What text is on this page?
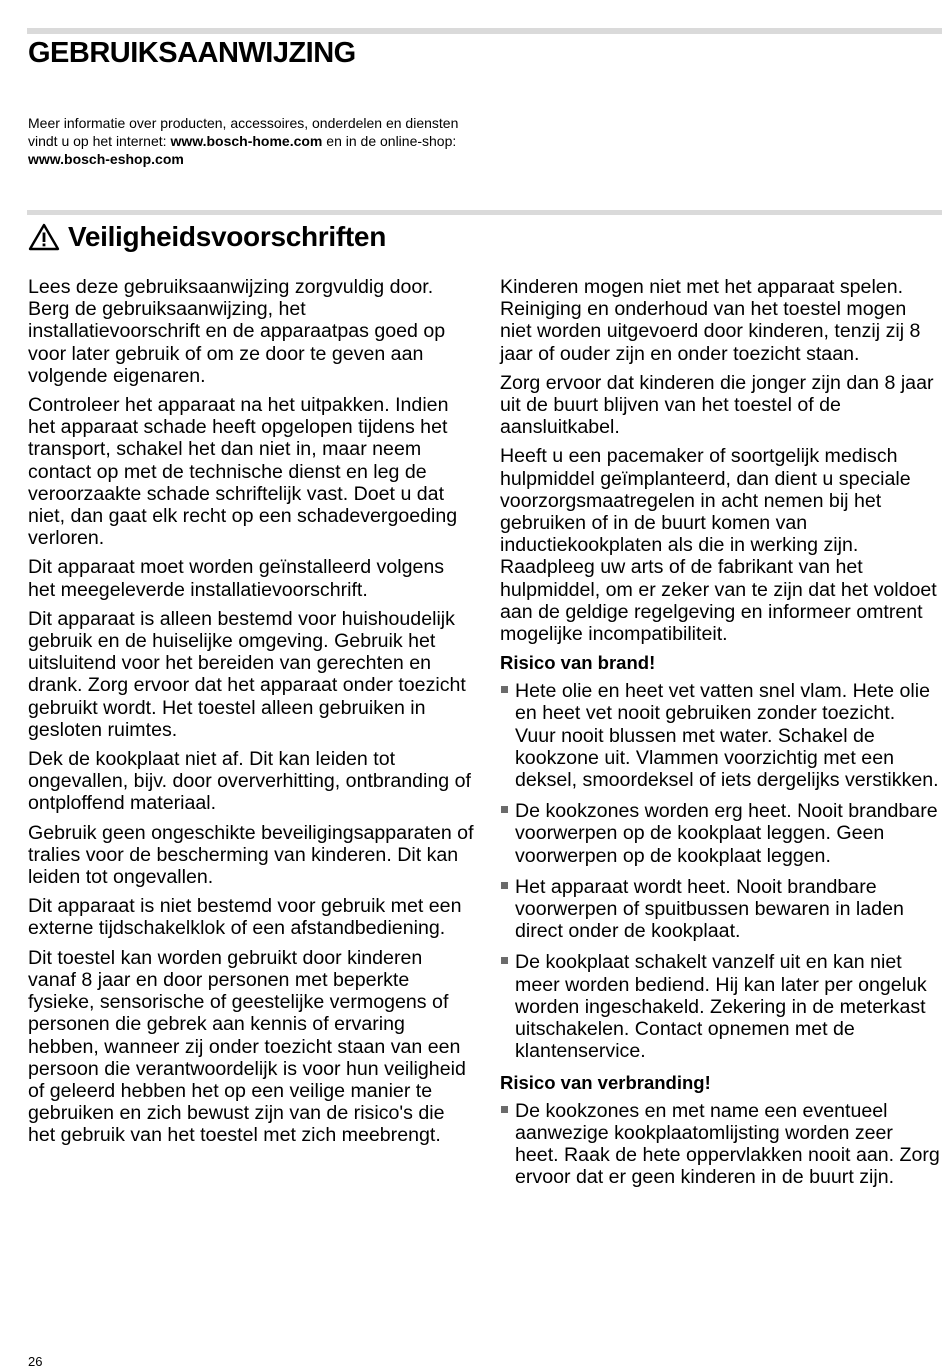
GEBRUIKSAANWIJZING
Meer informatie over producten, accessoires, onderdelen en diensten vindt u op het internet: www.bosch-home.com en in de online-shop: www.bosch-eshop.com
Veiligheidsvoorschriften

Lees deze gebruiksaanwijzing zorgvuldig door. Berg de gebruiksaanwijzing, het installatievoorschrift en de apparaatpas goed op voor later gebruik of om ze door te geven aan volgende eigenaren.

Controleer het apparaat na het uitpakken. Indien het apparaat schade heeft opgelopen tijdens het transport, schakel het dan niet in, maar neem contact op met de technische dienst en leg de veroorzaakte schade schriftelijk vast. Doet u dat niet, dan gaat elk recht op een schadevergoeding verloren.

Dit apparaat moet worden geïnstalleerd volgens het meegeleverde installatievoorschrift.

Dit apparaat is alleen bestemd voor huishoudelijk gebruik en de huiselijke omgeving. Gebruik het uitsluitend voor het bereiden van gerechten en drank. Zorg ervoor dat het apparaat onder toezicht gebruikt wordt. Het toestel alleen gebruiken in gesloten ruimtes.

Dek de kookplaat niet af. Dit kan leiden tot ongevallen, bijv. door oververhitting, ontbranding of ontploffend materiaal.

Gebruik geen ongeschikte beveiligingsapparaten of tralies voor de bescherming van kinderen. Dit kan leiden tot ongevallen.

Dit apparaat is niet bestemd voor gebruik met een externe tijdschakelklok of een afstandbediening.

Dit toestel kan worden gebruikt door kinderen vanaf 8 jaar en door personen met beperkte fysieke, sensorische of geestelijke vermogens of personen die gebrek aan kennis of ervaring hebben, wanneer zij onder toezicht staan van een persoon die verantwoordelijk is voor hun veiligheid of geleerd hebben het op een veilige manier te gebruiken en zich bewust zijn van de risico's die het gebruik van het toestel met zich meebrengt.

Kinderen mogen niet met het apparaat spelen. Reiniging en onderhoud van het toestel mogen niet worden uitgevoerd door kinderen, tenzij zij 8 jaar of ouder zijn en onder toezicht staan.

Zorg ervoor dat kinderen die jonger zijn dan 8 jaar uit de buurt blijven van het toestel of de aansluitkabel.

Heeft u een pacemaker of soortgelijk medisch hulpmiddel geïmplanteerd, dan dient u speciale voorzorgsmaatregelen in acht nemen bij het gebruiken of in de buurt komen van inductiekookplaten als die in werking zijn. Raadpleeg uw arts of de fabrikant van het hulpmiddel, om er zeker van te zijn dat het voldoet aan de geldige regelgeving en informeer omtrent mogelijke incompatibiliteit.

Risico van brand!
Hete olie en heet vet vatten snel vlam. Hete olie en heet vet nooit gebruiken zonder toezicht. Vuur nooit blussen met water. Schakel de kookzone uit. Vlammen voorzichtig met een deksel, smoordeksel of iets dergelijks verstikken.
De kookzones worden erg heet. Nooit brandbare voorwerpen op de kookplaat leggen. Geen voorwerpen op de kookplaat leggen.
Het apparaat wordt heet. Nooit brandbare voorwerpen of spuitbussen bewaren in laden direct onder de kookplaat.
De kookplaat schakelt vanzelf uit en kan niet meer worden bediend. Hij kan later per ongeluk worden ingeschakeld. Zekering in de meterkast uitschakelen. Contact opnemen met de klantenservice.
Risico van verbranding!
De kookzones en met name een eventueel aanwezige kookplaatomlijsting worden zeer heet. Raak de hete oppervlakken nooit aan. Zorg ervoor dat er geen kinderen in de buurt zijn.
26
